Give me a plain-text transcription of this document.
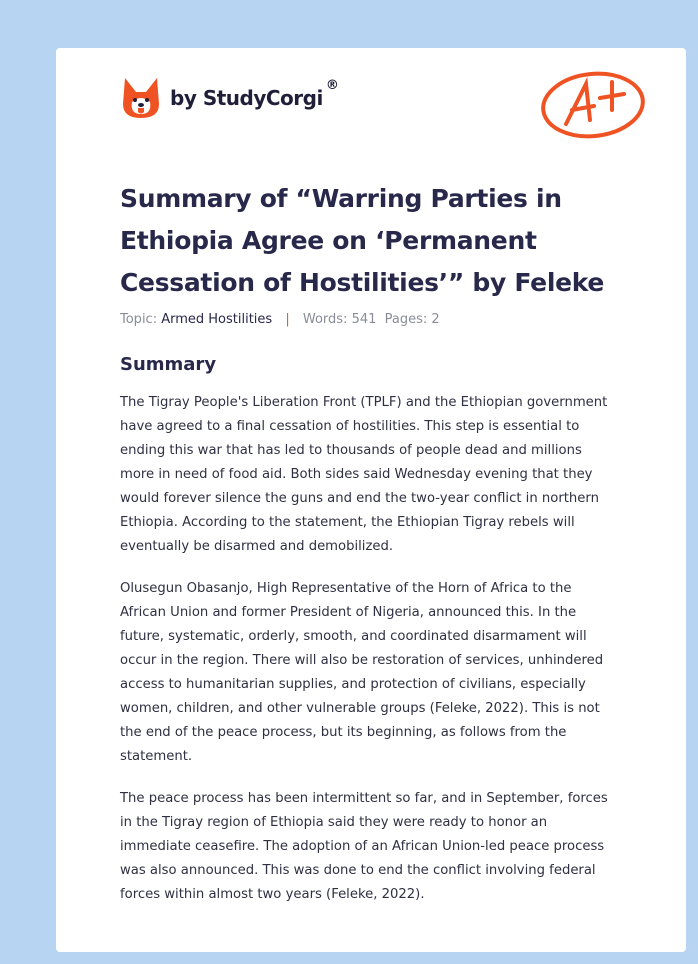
by StudyCorgi®
Summary of “Warring Parties in Ethiopia Agree on ‘Permanent Cessation of Hostilities’” by Feleke
Topic: Armed Hostilities | Words: 541 Pages: 2
Summary

The Tigray People's Liberation Front (TPLF) and the Ethiopian government have agreed to a final cessation of hostilities. This step is essential to ending this war that has led to thousands of people dead and millions more in need of food aid. Both sides said Wednesday evening that they would forever silence the guns and end the two-year conflict in northern Ethiopia. According to the statement, the Ethiopian Tigray rebels will eventually be disarmed and demobilized.

Olusegun Obasanjo, High Representative of the Horn of Africa to the African Union and former President of Nigeria, announced this. In the future, systematic, orderly, smooth, and coordinated disarmament will occur in the region. There will also be restoration of services, unhindered access to humanitarian supplies, and protection of civilians, especially women, children, and other vulnerable groups (Feleke, 2022). This is not the end of the peace process, but its beginning, as follows from the statement.

The peace process has been intermittent so far, and in September, forces in the Tigray region of Ethiopia said they were ready to honor an immediate ceasefire. The adoption of an African Union-led peace process was also announced. This was done to end the conflict involving federal forces within almost two years (Feleke, 2022).
